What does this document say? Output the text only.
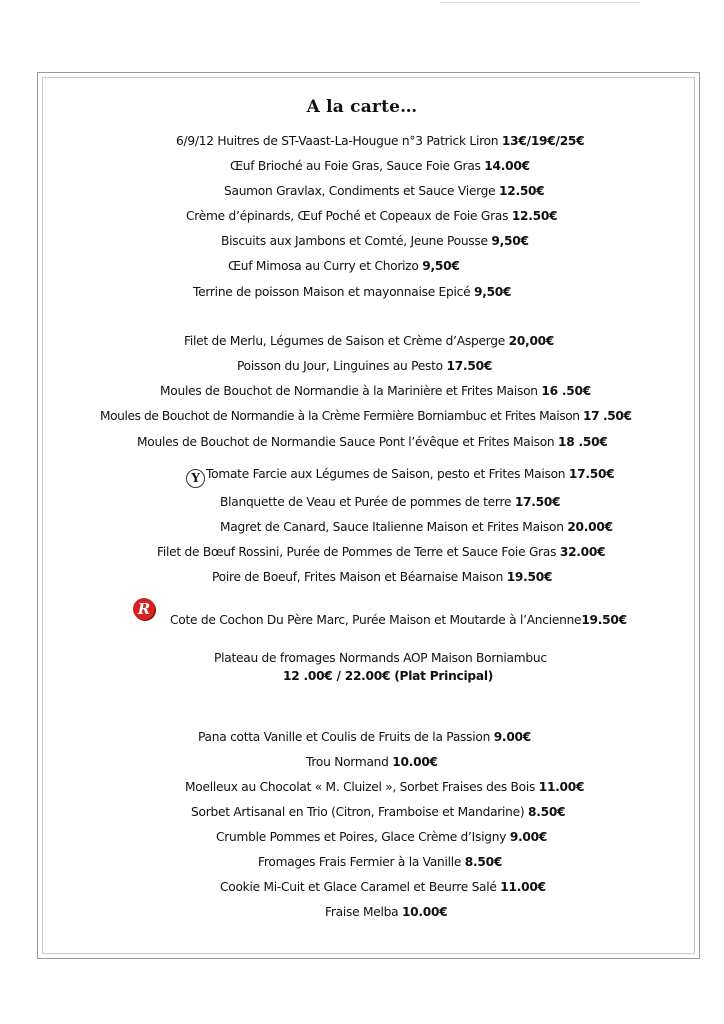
A la carte…
6/9/12 Huitres de ST-Vaast-La-Hougue n°3 Patrick Liron 13€/19€/25€
Œuf Brioché au Foie Gras, Sauce Foie Gras 14.00€
Saumon Gravlax, Condiments et Sauce Vierge 12.50€
Crème d’épinards, Œuf Poché et Copeaux de Foie Gras 12.50€
Biscuits aux Jambons et Comté, Jeune Pousse 9,50€
Œuf Mimosa au Curry et Chorizo 9,50€
Terrine de poisson Maison et mayonnaise Epicé 9,50€
Filet de Merlu, Légumes de Saison et Crème d’Asperge 20,00€
Poisson du Jour, Linguines au Pesto 17.50€
Moules de Bouchot de Normandie à la Marinière et Frites Maison 16 .50€
Moules de Bouchot de Normandie à la Crème Fermière Borniambuc et Frites Maison 17 .50€
Moules de Bouchot de Normandie Sauce Pont l’évêque et Frites Maison 18 .50€
Y Tomate Farcie aux Légumes de Saison, pesto et Frites Maison 17.50€
Blanquette de Veau et Purée de pommes de terre 17.50€
Magret de Canard, Sauce Italienne Maison et Frites Maison 20.00€
Filet de Bœuf Rossini, Purée de Pommes de Terre et Sauce Foie Gras 32.00€
Poire de Boeuf, Frites Maison et Béarnaise Maison 19.50€
R
Cote de Cochon Du Père Marc, Purée Maison et Moutarde à l’Ancienne19.50€
Plateau de fromages Normands AOP Maison Borniambuc
12 .00€ / 22.00€ (Plat Principal)
Pana cotta Vanille et Coulis de Fruits de la Passion 9.00€
Trou Normand 10.00€
Moelleux au Chocolat « M. Cluizel », Sorbet Fraises des Bois 11.00€
Sorbet Artisanal en Trio (Citron, Framboise et Mandarine) 8.50€
Crumble Pommes et Poires, Glace Crème d’Isigny 9.00€
Fromages Frais Fermier à la Vanille 8.50€
Cookie Mi-Cuit et Glace Caramel et Beurre Salé 11.00€
Fraise Melba 10.00€
